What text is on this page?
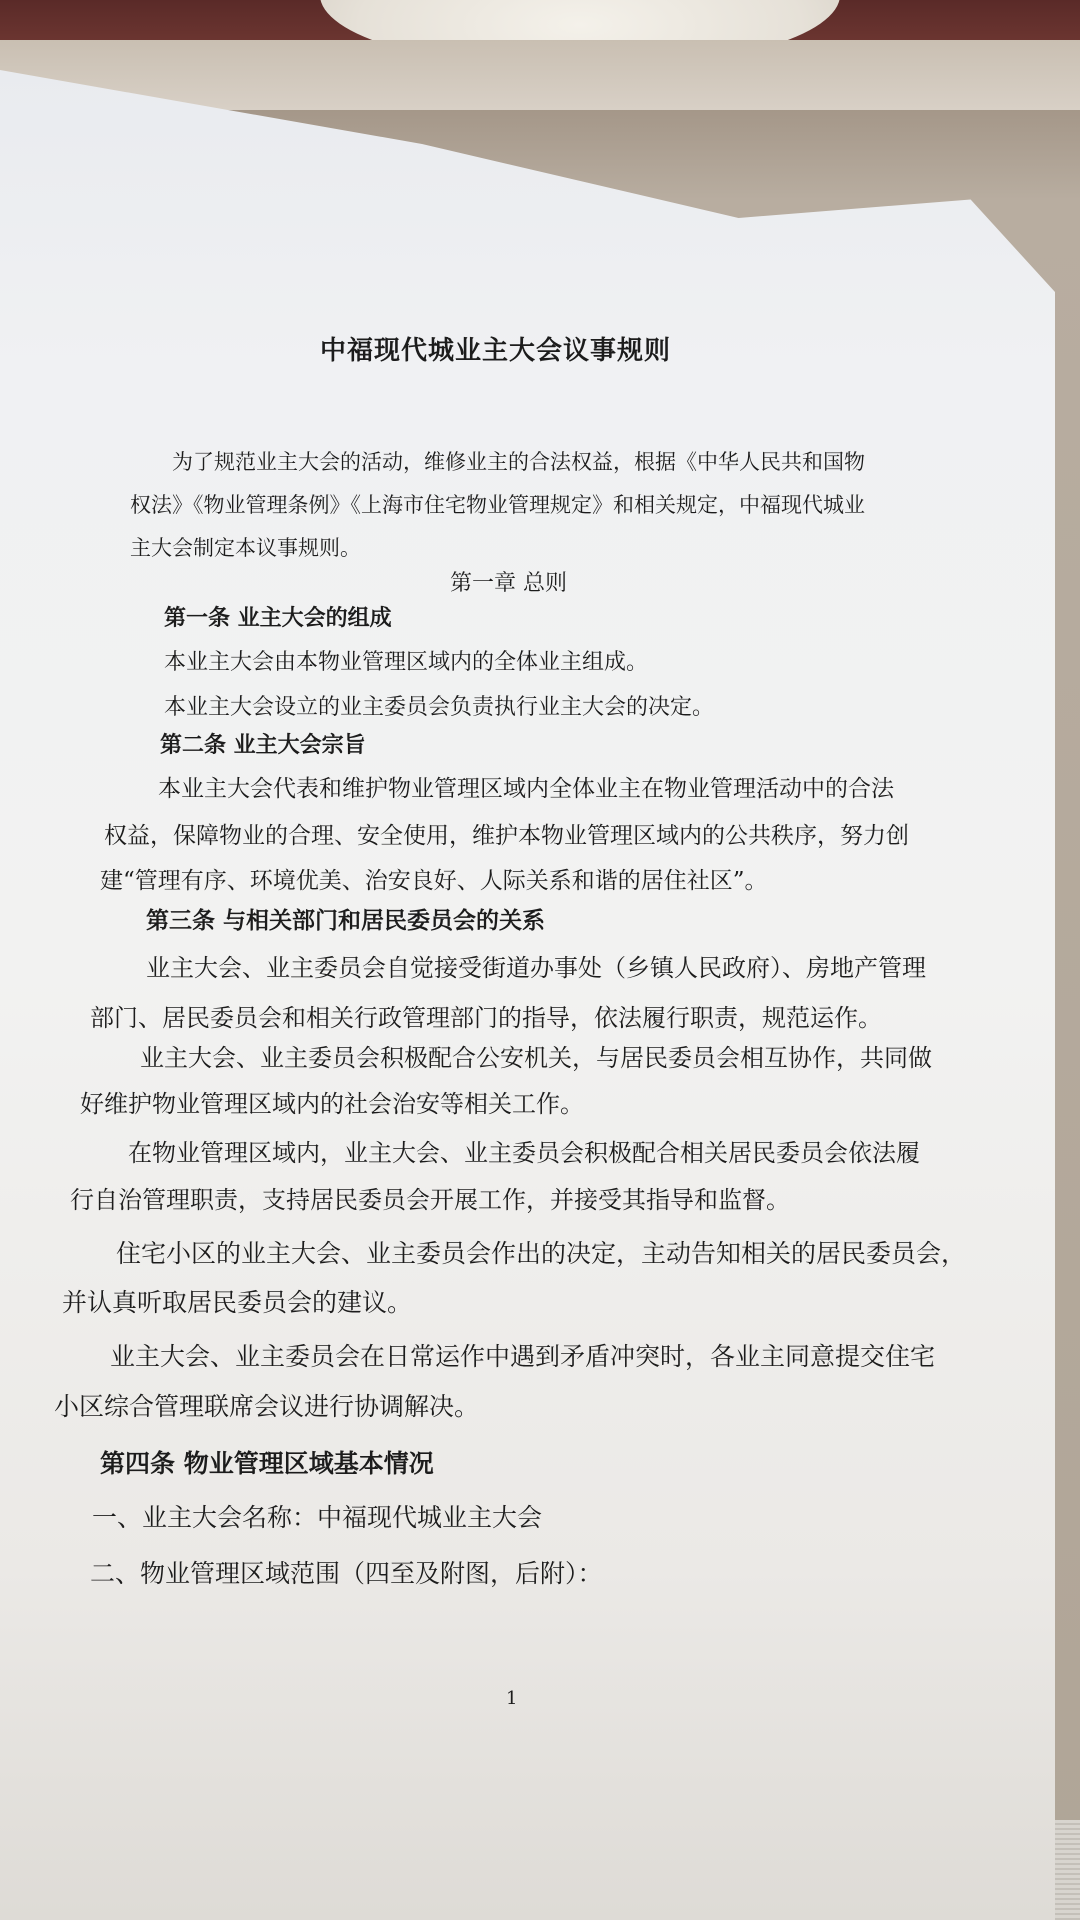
中福现代城业主大会议事规则
为了规范业主大会的活动，维修业主的合法权益，根据《中华人民共和国物
权法》《物业管理条例》《上海市住宅物业管理规定》和相关规定，中福现代城业
主大会制定本议事规则。
第一章 总则
第一条 业主大会的组成
本业主大会由本物业管理区域内的全体业主组成。
本业主大会设立的业主委员会负责执行业主大会的决定。
第二条 业主大会宗旨
本业主大会代表和维护物业管理区域内全体业主在物业管理活动中的合法
权益，保障物业的合理、安全使用，维护本物业管理区域内的公共秩序，努力创
建“管理有序、环境优美、治安良好、人际关系和谐的居住社区”。
第三条 与相关部门和居民委员会的关系
业主大会、业主委员会自觉接受街道办事处（乡镇人民政府）、房地产管理
部门、居民委员会和相关行政管理部门的指导，依法履行职责，规范运作。
业主大会、业主委员会积极配合公安机关，与居民委员会相互协作，共同做
好维护物业管理区域内的社会治安等相关工作。
在物业管理区域内，业主大会、业主委员会积极配合相关居民委员会依法履
行自治管理职责，支持居民委员会开展工作，并接受其指导和监督。
住宅小区的业主大会、业主委员会作出的决定，主动告知相关的居民委员会，
并认真听取居民委员会的建议。
业主大会、业主委员会在日常运作中遇到矛盾冲突时，各业主同意提交住宅
小区综合管理联席会议进行协调解决。
第四条 物业管理区域基本情况
一、业主大会名称：中福现代城业主大会
二、物业管理区域范围（四至及附图，后附）：
1
